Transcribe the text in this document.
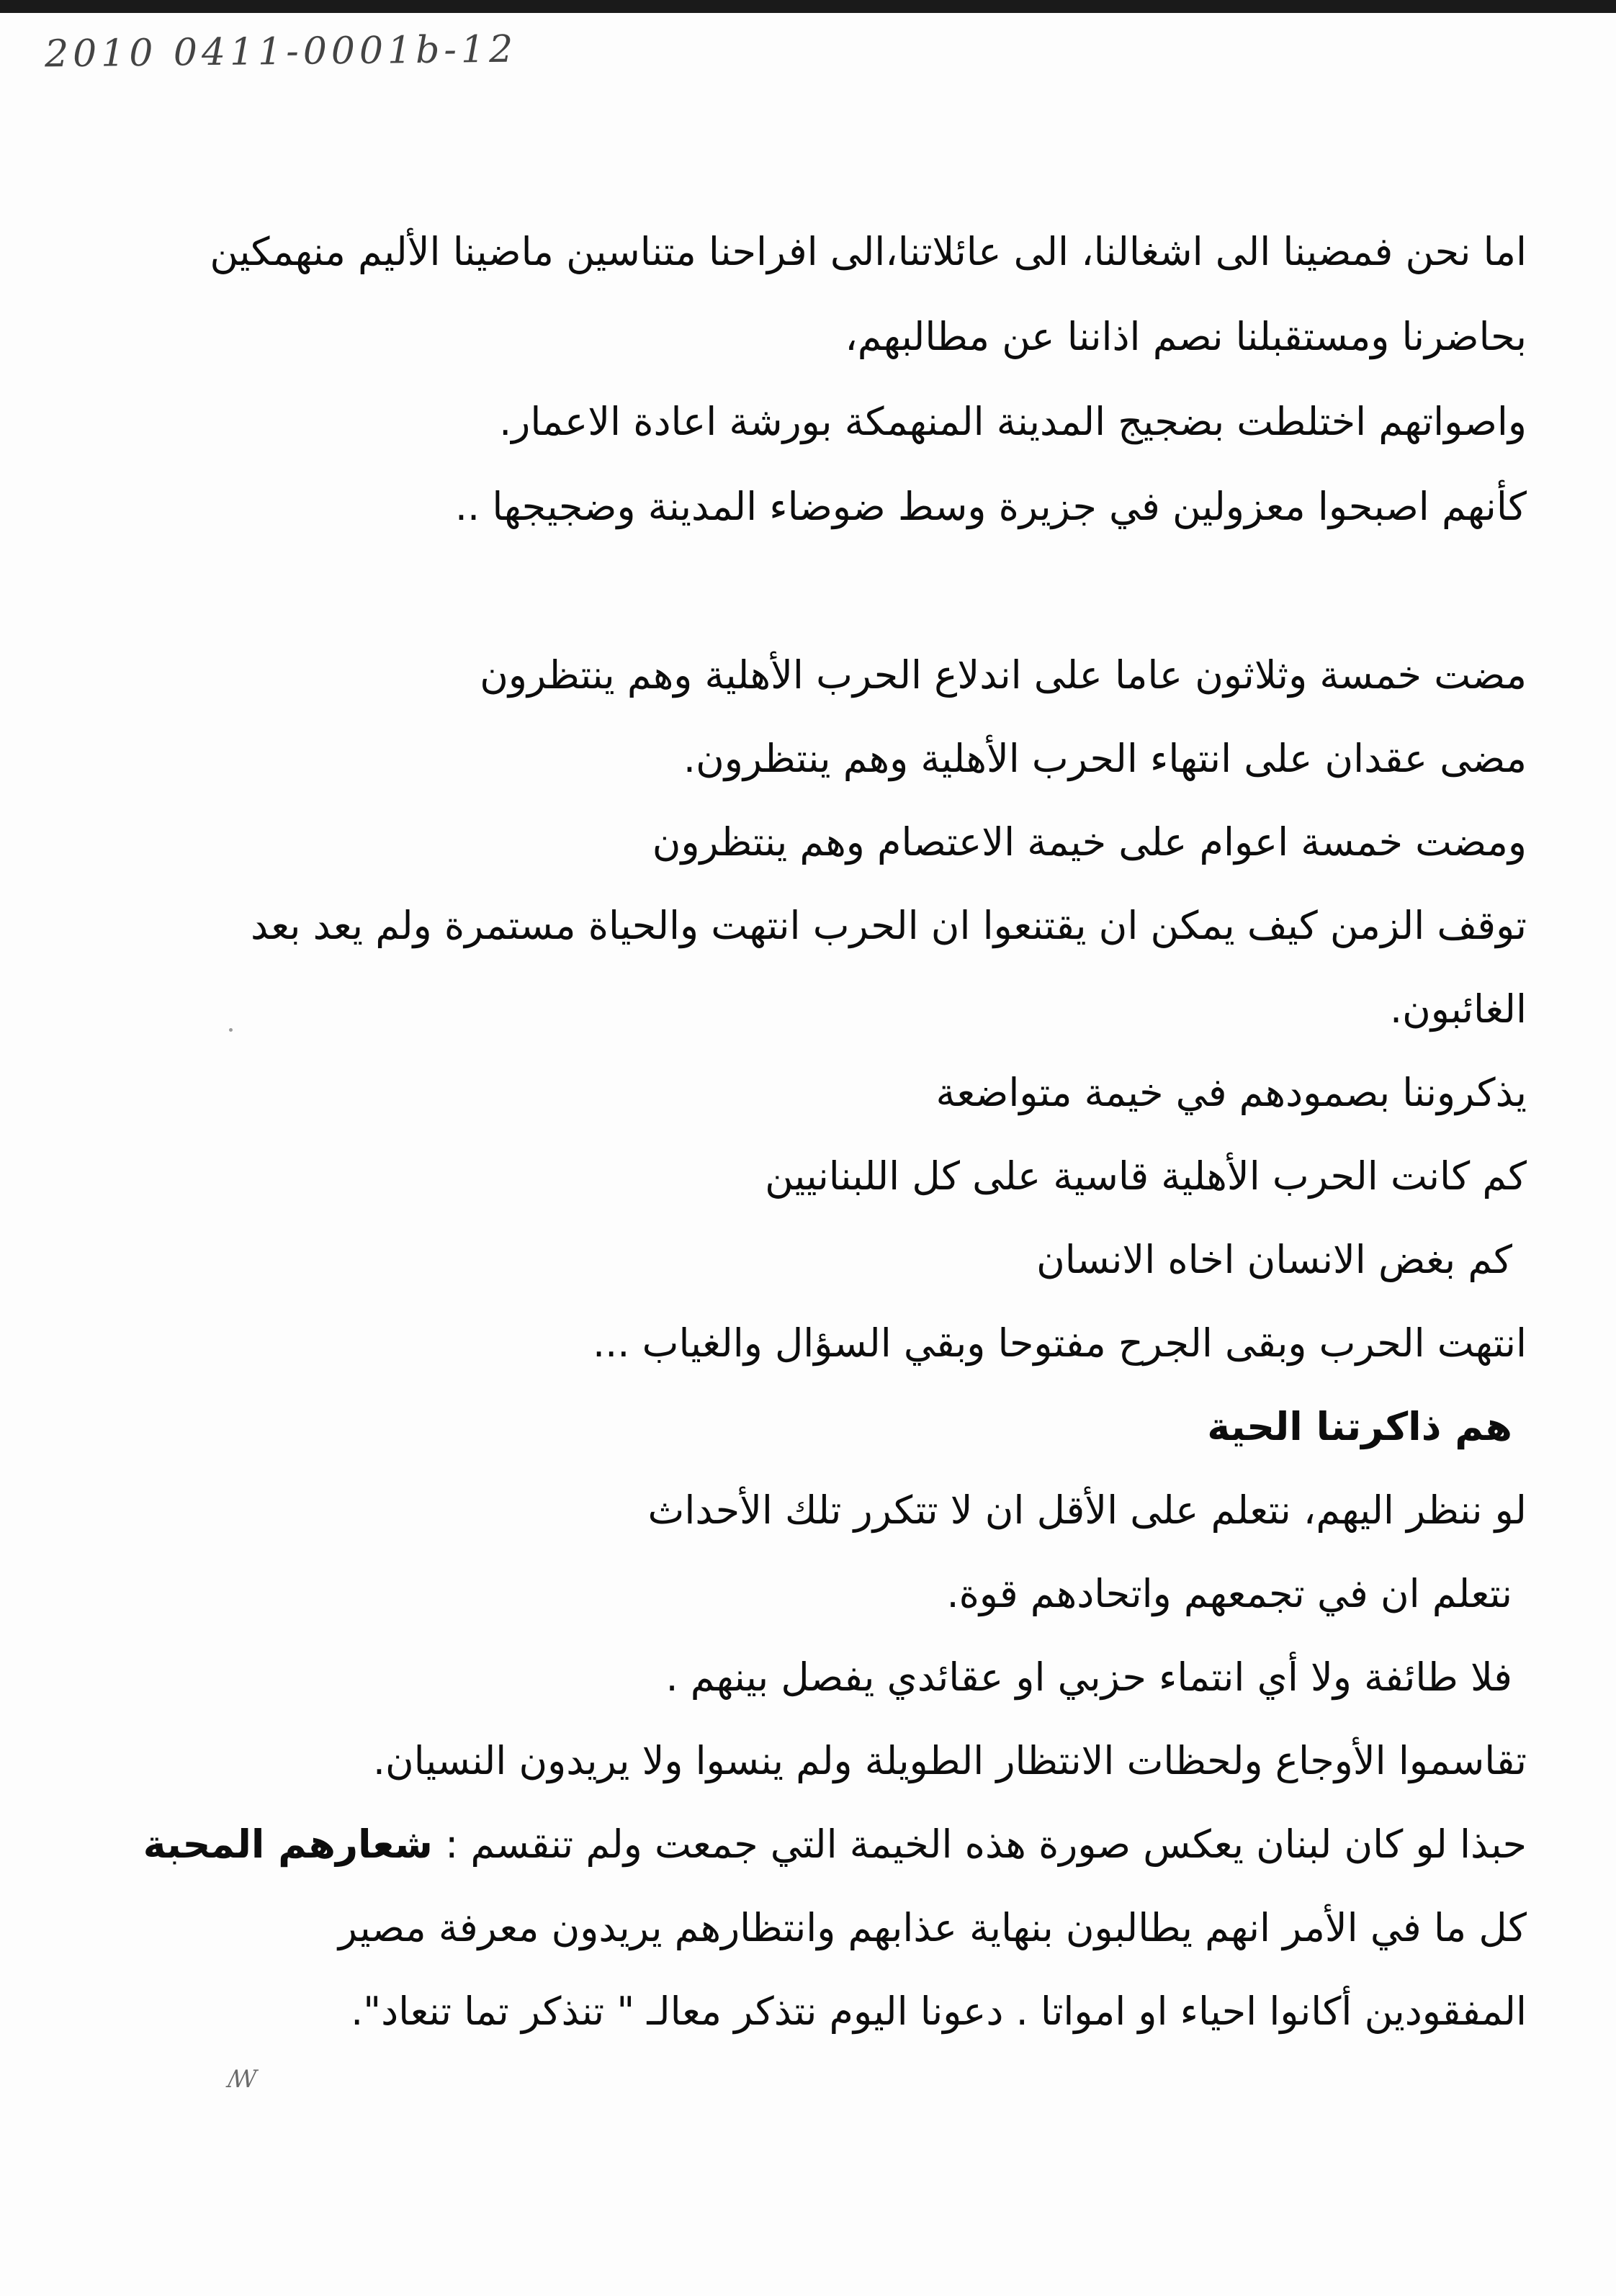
2010 0411-0001b-12
اما نحن فمضينا الى اشغالنا، الى عائلاتنا،الى افراحنا متناسين ماضينا الأليم منهمكين
بحاضرنا ومستقبلنا نصم اذاننا عن مطالبهم،
واصواتهم اختلطت بضجيج المدينة المنهمكة بورشة اعادة الاعمار.
كأنهم اصبحوا معزولين في جزيرة وسط ضوضاء المدينة وضجيجها ..
مضت خمسة وثلاثون عاما على اندلاع الحرب الأهلية وهم ينتظرون
مضى عقدان على انتهاء الحرب الأهلية وهم ينتظرون.
ومضت خمسة اعوام على خيمة الاعتصام وهم ينتظرون
توقف الزمن كيف يمكن ان يقتنعوا ان الحرب انتهت والحياة مستمرة ولم يعد بعد
الغائبون.
يذكروننا بصمودهم في خيمة متواضعة
كم كانت الحرب الأهلية قاسية على كل اللبنانيين
كم بغض الانسان اخاه الانسان
انتهت الحرب وبقى الجرح مفتوحا وبقي السؤال والغياب ...
هم ذاكرتنا الحية
لو ننظر اليهم، نتعلم على الأقل ان لا تتكرر تلك الأحداث
نتعلم ان في تجمعهم واتحادهم قوة.
فلا طائفة ولا أي انتماء حزبي او عقائدي يفصل بينهم .
تقاسموا الأوجاع ولحظات الانتظار الطويلة ولم ينسوا ولا يريدون النسيان.
حبذا لو كان لبنان يعكس صورة هذه الخيمة التي جمعت ولم تنقسم : شعارهم المحبة
كل ما في الأمر انهم يطالبون بنهاية عذابهم وانتظارهم يريدون معرفة مصير
المفقودين أكانوا احياء او امواتا . دعونا اليوم نتذكر معالـ " تنذكر تما تنعاد".
ꟿ
